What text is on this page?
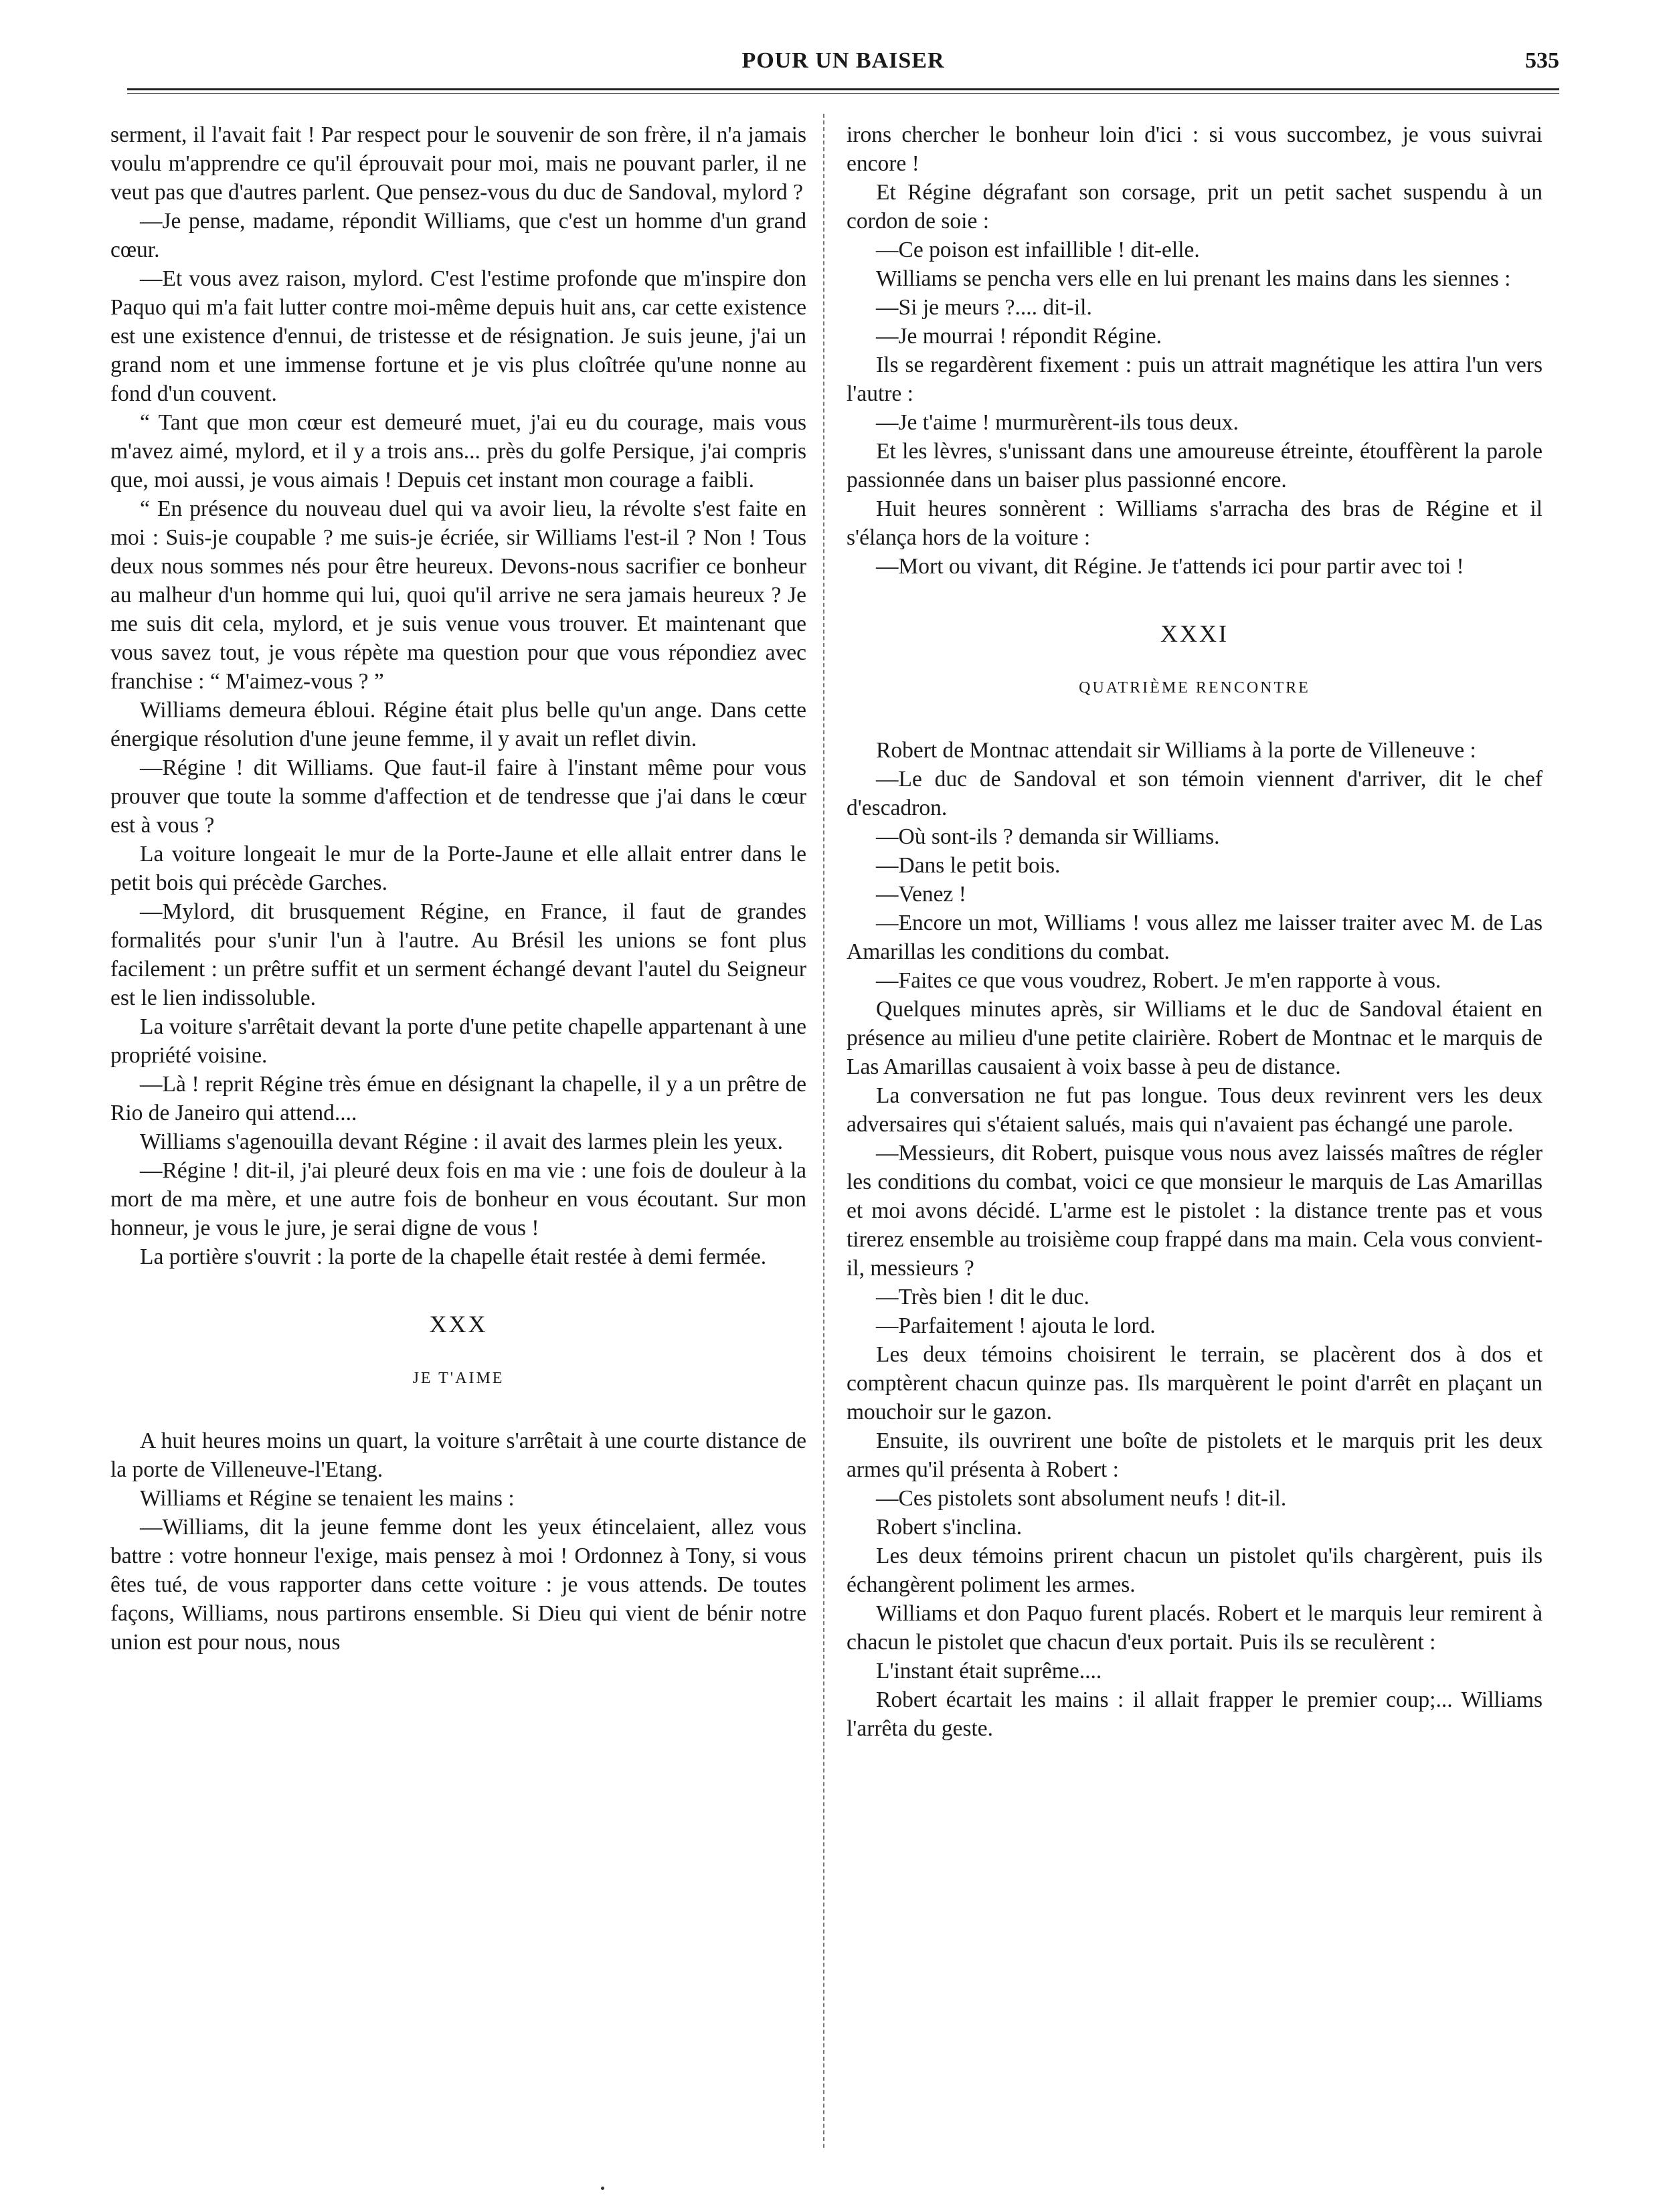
POUR UN BAISER	535

serment, il l'avait fait ! Par respect pour le souvenir de son frère, il n'a jamais voulu m'apprendre ce qu'il éprouvait pour moi, mais ne pouvant parler, il ne veut pas que d'autres parlent. Que pensez-vous du duc de Sandoval, mylord ?

—Je pense, madame, répondit Williams, que c'est un homme d'un grand cœur.

—Et vous avez raison, mylord. C'est l'estime profonde que m'inspire don Paquo qui m'a fait lutter contre moi-même depuis huit ans, car cette existence est une existence d'ennui, de tristesse et de résignation. Je suis jeune, j'ai un grand nom et une immense fortune et je vis plus cloîtrée qu'une nonne au fond d'un couvent.

“ Tant que mon cœur est demeuré muet, j'ai eu du courage, mais vous m'avez aimé, mylord, et il y a trois ans... près du golfe Persique, j'ai compris que, moi aussi, je vous aimais ! Depuis cet instant mon courage a faibli.

“ En présence du nouveau duel qui va avoir lieu, la révolte s'est faite en moi : Suis-je coupable ? me suis-je écriée, sir Williams l'est-il ? Non ! Tous deux nous sommes nés pour être heureux. Devons-nous sacrifier ce bonheur au malheur d'un homme qui lui, quoi qu'il arrive ne sera jamais heureux ? Je me suis dit cela, mylord, et je suis venue vous trouver. Et maintenant que vous savez tout, je vous répète ma question pour que vous répondiez avec franchise : “ M'aimez-vous ? ”

Williams demeura ébloui. Régine était plus belle qu'un ange. Dans cette énergique résolution d'une jeune femme, il y avait un reflet divin.

—Régine ! dit Williams. Que faut-il faire à l'instant même pour vous prouver que toute la somme d'affection et de tendresse que j'ai dans le cœur est à vous ?

La voiture longeait le mur de la Porte-Jaune et elle allait entrer dans le petit bois qui précède Garches.

—Mylord, dit brusquement Régine, en France, il faut de grandes formalités pour s'unir l'un à l'autre. Au Brésil les unions se font plus facilement : un prêtre suffit et un serment échangé devant l'autel du Seigneur est le lien indissoluble.

La voiture s'arrêtait devant la porte d'une petite chapelle appartenant à une propriété voisine.

—Là ! reprit Régine très émue en désignant la chapelle, il y a un prêtre de Rio de Janeiro qui attend....

Williams s'agenouilla devant Régine : il avait des larmes plein les yeux.

—Régine ! dit-il, j'ai pleuré deux fois en ma vie : une fois de douleur à la mort de ma mère, et une autre fois de bonheur en vous écoutant. Sur mon honneur, je vous le jure, je serai digne de vous !

La portière s'ouvrit : la porte de la chapelle était restée à demi fermée.

XXX
JE T'AIME

A huit heures moins un quart, la voiture s'arrêtait à une courte distance de la porte de Villeneuve-l'Etang.

Williams et Régine se tenaient les mains :

—Williams, dit la jeune femme dont les yeux étincelaient, allez vous battre : votre honneur l'exige, mais pensez à moi ! Ordonnez à Tony, si vous êtes tué, de vous rapporter dans cette voiture : je vous attends. De toutes façons, Williams, nous partirons ensemble. Si Dieu qui vient de bénir notre union est pour nous, nous

irons chercher le bonheur loin d'ici : si vous succombez, je vous suivrai encore !

Et Régine dégrafant son corsage, prit un petit sachet suspendu à un cordon de soie :

—Ce poison est infaillible ! dit-elle.

Williams se pencha vers elle en lui prenant les mains dans les siennes :

—Si je meurs ?.... dit-il.

—Je mourrai ! répondit Régine.

Ils se regardèrent fixement : puis un attrait magnétique les attira l'un vers l'autre :

—Je t'aime ! murmurèrent-ils tous deux.

Et les lèvres, s'unissant dans une amoureuse étreinte, étouffèrent la parole passionnée dans un baiser plus passionné encore.

Huit heures sonnèrent : Williams s'arracha des bras de Régine et il s'élança hors de la voiture :

—Mort ou vivant, dit Régine. Je t'attends ici pour partir avec toi !

XXXI
QUATRIÈME RENCONTRE

Robert de Montnac attendait sir Williams à la porte de Villeneuve :

—Le duc de Sandoval et son témoin viennent d'arriver, dit le chef d'escadron.

—Où sont-ils ? demanda sir Williams.

—Dans le petit bois.

—Venez !

—Encore un mot, Williams ! vous allez me laisser traiter avec M. de Las Amarillas les conditions du combat.

—Faites ce que vous voudrez, Robert. Je m'en rapporte à vous.

Quelques minutes après, sir Williams et le duc de Sandoval étaient en présence au milieu d'une petite clairière. Robert de Montnac et le marquis de Las Amarillas causaient à voix basse à peu de distance.

La conversation ne fut pas longue. Tous deux revinrent vers les deux adversaires qui s'étaient salués, mais qui n'avaient pas échangé une parole.

—Messieurs, dit Robert, puisque vous nous avez laissés maîtres de régler les conditions du combat, voici ce que monsieur le marquis de Las Amarillas et moi avons décidé. L'arme est le pistolet : la distance trente pas et vous tirerez ensemble au troisième coup frappé dans ma main. Cela vous convient-il, messieurs ?

—Très bien ! dit le duc.

—Parfaitement ! ajouta le lord.

Les deux témoins choisirent le terrain, se placèrent dos à dos et comptèrent chacun quinze pas. Ils marquèrent le point d'arrêt en plaçant un mouchoir sur le gazon.

Ensuite, ils ouvrirent une boîte de pistolets et le marquis prit les deux armes qu'il présenta à Robert :

—Ces pistolets sont absolument neufs ! dit-il.

Robert s'inclina.

Les deux témoins prirent chacun un pistolet qu'ils chargèrent, puis ils échangèrent poliment les armes.

Williams et don Paquo furent placés. Robert et le marquis leur remirent à chacun le pistolet que chacun d'eux portait. Puis ils se reculèrent :

L'instant était suprême....

Robert écartait les mains : il allait frapper le premier coup;... Williams l'arrêta du geste.
